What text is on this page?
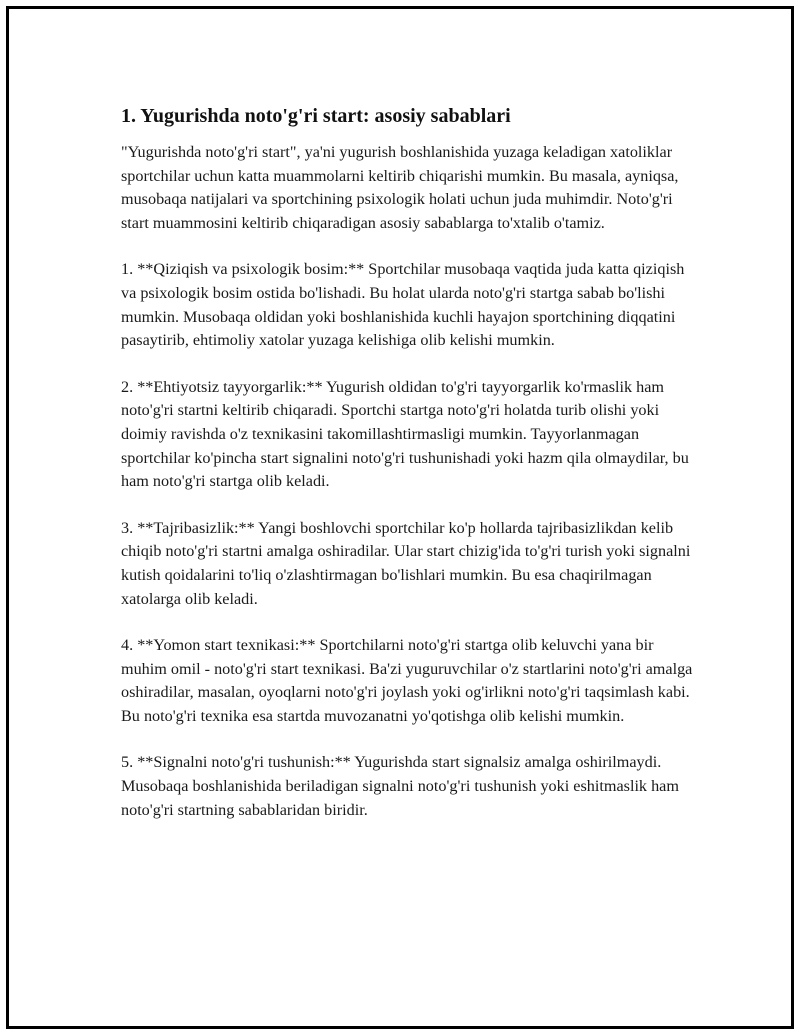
1. Yugurishda noto'g'ri start: asosiy sabablari

"Yugurishda noto'g'ri start", ya'ni yugurish boshlanishida yuzaga keladigan xatoliklar sportchilar uchun katta muammolarni keltirib chiqarishi mumkin. Bu masala, ayniqsa, musobaqa natijalari va sportchining psixologik holati uchun juda muhimdir. Noto'g'ri start muammosini keltirib chiqaradigan asosiy sabablarga to'xtalib o'tamiz.

1. **Qiziqish va psixologik bosim:** Sportchilar musobaqa vaqtida juda katta qiziqish va psixologik bosim ostida bo'lishadi. Bu holat ularda noto'g'ri startga sabab bo'lishi mumkin. Musobaqa oldidan yoki boshlanishida kuchli hayajon sportchining diqqatini pasaytirib, ehtimoliy xatolar yuzaga kelishiga olib kelishi mumkin.

2. **Ehtiyotsiz tayyorgarlik:** Yugurish oldidan to'g'ri tayyorgarlik ko'rmaslik ham noto'g'ri startni keltirib chiqaradi. Sportchi startga noto'g'ri holatda turib olishi yoki doimiy ravishda o'z texnikasini takomillashtirmasligi mumkin. Tayyorlanmagan sportchilar ko'pincha start signalini noto'g'ri tushunishadi yoki hazm qila olmaydilar, bu ham noto'g'ri startga olib keladi.

3. **Tajribasizlik:** Yangi boshlovchi sportchilar ko'p hollarda tajribasizlikdan kelib chiqib noto'g'ri startni amalga oshiradilar. Ular start chizig'ida to'g'ri turish yoki signalni kutish qoidalarini to'liq o'zlashtirmagan bo'lishlari mumkin. Bu esa chaqirilmagan xatolarga olib keladi.

4. **Yomon start texnikasi:** Sportchilarni noto'g'ri startga olib keluvchi yana bir muhim omil - noto'g'ri start texnikasi. Ba'zi yuguruvchilar o'z startlarini noto'g'ri amalga oshiradilar, masalan, oyoqlarni noto'g'ri joylash yoki og'irlikni noto'g'ri taqsimlash kabi. Bu noto'g'ri texnika esa startda muvozanatni yo'qotishga olib kelishi mumkin.

5. **Signalni noto'g'ri tushunish:** Yugurishda start signalsiz amalga oshirilmaydi. Musobaqa boshlanishida beriladigan signalni noto'g'ri tushunish yoki eshitmaslik ham noto'g'ri startning sabablaridan biridir.
